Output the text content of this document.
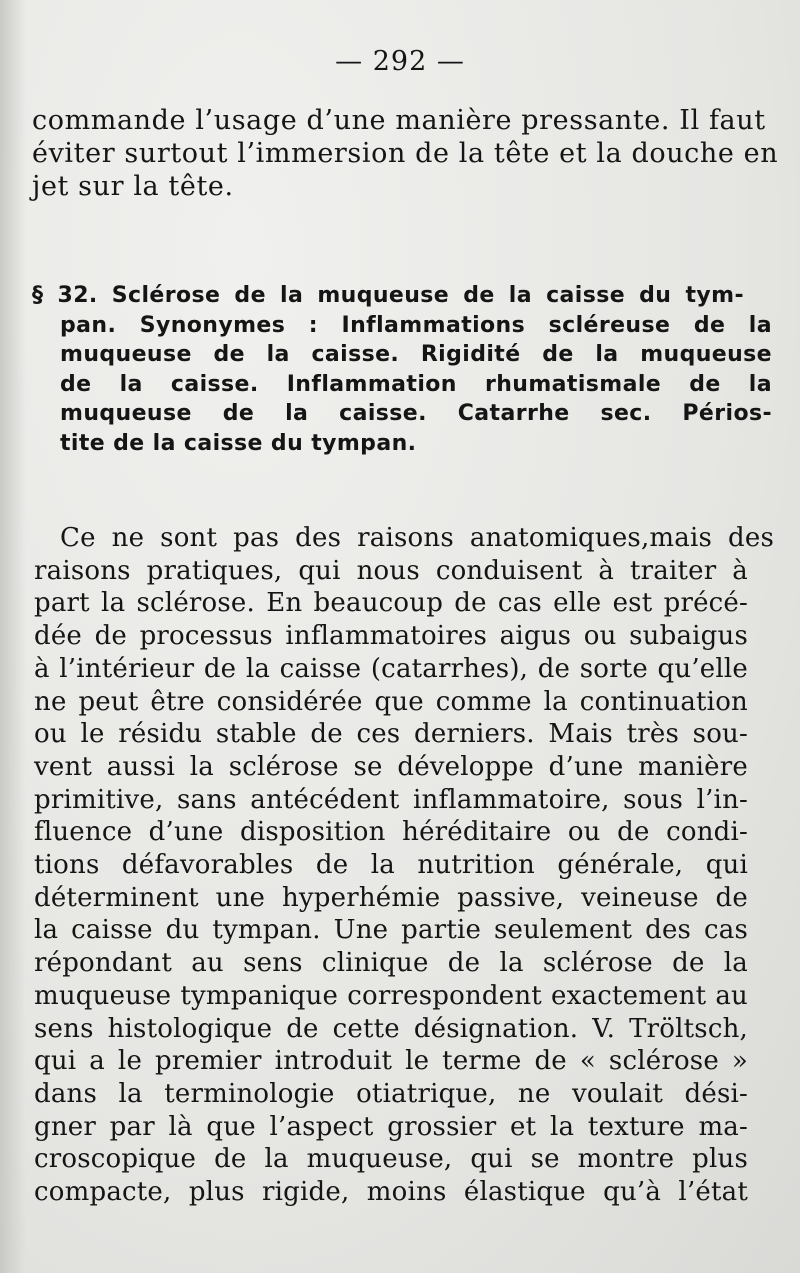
— 292 —
commande l’usage d’une manière pressante. Il faut
éviter surtout l’immersion de la tête et la douche en
jet sur la tête.
§ 32. Sclérose de la muqueuse de la caisse du tym-
pan. Synonymes : Inflammations scléreuse de la
muqueuse de la caisse. Rigidité de la muqueuse
de la caisse. Inflammation rhumatismale de la
muqueuse de la caisse. Catarrhe sec. Périos-
tite de la caisse du tympan.
Ce ne sont pas des raisons anatomiques,mais des
raisons pratiques, qui nous conduisent à traiter à
part la sclérose. En beaucoup de cas elle est précé-
dée de processus inflammatoires aigus ou subaigus
à l’intérieur de la caisse (catarrhes), de sorte qu’elle
ne peut être considérée que comme la continuation
ou le résidu stable de ces derniers. Mais très sou-
vent aussi la sclérose se développe d’une manière
primitive, sans antécédent inflammatoire, sous l’in-
fluence d’une disposition héréditaire ou de condi-
tions défavorables de la nutrition générale, qui
déterminent une hyperhémie passive, veineuse de
la caisse du tympan. Une partie seulement des cas
répondant au sens clinique de la sclérose de la
muqueuse tympanique correspondent exactement au
sens histologique de cette désignation. V. Tröltsch,
qui a le premier introduit le terme de « sclérose »
dans la terminologie otiatrique, ne voulait dési-
gner par là que l’aspect grossier et la texture ma-
croscopique de la muqueuse, qui se montre plus
compacte, plus rigide, moins élastique qu’à l’état
